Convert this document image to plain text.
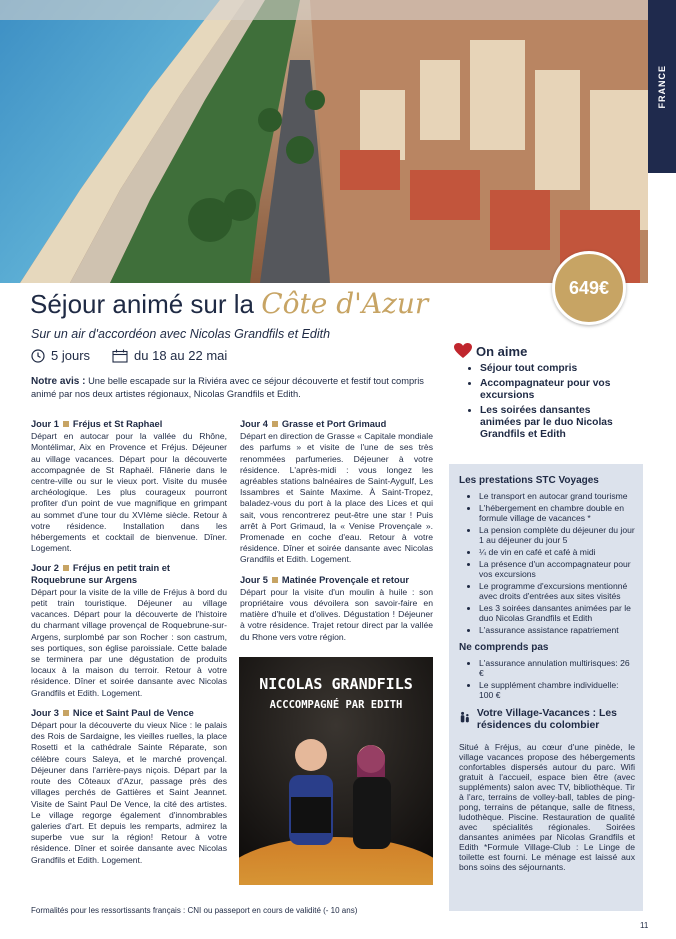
FRANCE
649€
Séjour animé sur la Côte d'Azur
Sur un air d'accordéon avec Nicolas Grandfils et Edith
5 jours	du 18 au 22 mai
Notre avis : Une belle escapade sur la Riviéra avec ce séjour découverte et festif tout compris animé par nos deux artistes régionaux, Nicolas Grandfils et Edith.
Jour 1 Fréjus et St Raphael
Départ en autocar pour la vallée du Rhône, Montélimar, Aix en Provence et Fréjus. Déjeuner au village vacances. Départ pour la découverte accompagnée de St Raphaël. Flânerie dans le centre-ville ou sur le vieux port. Visite du musée archéologique. Les plus courageux pourront profiter d'un point de vue magnifique en grimpant au sommet d'une tour du XVIème siècle. Retour à votre résidence. Installation dans les hébergements et cocktail de bienvenue. Dîner. Logement.
Jour 2 Fréjus en petit train et Roquebrune sur Argens
Départ pour la visite de la ville de Fréjus à bord du petit train touristique. Déjeuner au village vacances. Départ pour la découverte de l'histoire du charmant village provençal de Roquebrune-sur-Argens, surplombé par son Rocher : son castrum, ses portiques, son église paroissiale. Cette balade se terminera par une dégustation de produits locaux à la maison du terroir. Retour à votre résidence. Dîner et soirée dansante avec Nicolas Grandfils et Edith. Logement.
Jour 3 Nice et Saint Paul de Vence
Départ pour la découverte du vieux Nice : le palais des Rois de Sardaigne, les vieilles ruelles, la place Rosetti et la cathédrale Sainte Réparate, son célèbre cours Saleya, et le marché provençal. Déjeuner dans l'arrière-pays niçois. Départ par la route des Côteaux d'Azur, passage près des villages perchés de Gattières et Saint Jeannet. Visite de Saint Paul De Vence, la cité des artistes. Le village regorge également d'innombrables galeries d'art. Et depuis les remparts, admirez la superbe vue sur la région! Retour à votre résidence. Dîner et soirée dansante avec Nicolas Grandfils et Edith. Logement.
Jour 4 Grasse et Port Grimaud
Départ en direction de Grasse « Capitale mondiale des parfums » et visite de l'une de ses très renommées parfumeries. Déjeuner à votre résidence. L'après-midi : vous longez les agréables stations balnéaires de Saint-Aygulf, Les Issambres et Sainte Maxime. À Saint-Tropez, baladez-vous du port à la place des Lices et qui sait, vous rencontrerez peut-être une star ! Puis arrêt à Port Grimaud, la « Venise Provençale ». Promenade en coche d'eau. Retour à votre résidence. Dîner et soirée dansante avec Nicolas Grandfils et Edith. Logement.
Jour 5 Matinée Provençale et retour
Départ pour la visite d'un moulin à huile : son propriétaire vous dévoilera son savoir-faire en matière d'huile et d'olives. Dégustation ! Déjeuner à votre résidence. Trajet retour direct par la vallée du Rhone vers votre région.
NICOLAS GRANDFILS
ACCCOMPAGNÉ PAR EDITH
Formalités pour les ressortissants français : CNI ou passeport en cours de validité (- 10 ans)
On aime
• Séjour tout compris
• Accompagnateur pour vos excursions
• Les soirées dansantes animées par le duo Nicolas Grandfils et Edith
Les prestations STC Voyages
• Le transport en autocar grand tourisme
• L'hébergement en chambre double en formule village de vacances *
• La pension complète du déjeuner du jour 1 au déjeuner du jour 5
• ¼ de vin en café et café à midi
• La présence d'un accompagnateur pour vos excursions
• Le programme d'excursions mentionné avec droits d'entrées aux sites visités
• Les 3 soirées dansantes animées par le duo Nicolas Grandfils et Edith
• L'assurance assistance rapatriement
Ne comprends pas
• L'assurance annulation multirisques: 26 €
• Le supplément chambre individuelle: 100 €
Votre Village-Vacances : Les résidences du colombier
Situé à Fréjus, au cœur d'une pinède, le village vacances propose des hébergements confortables dispersés autour du parc. Wifi gratuit à l'accueil, espace bien être (avec suppléments) salon avec TV, bibliothèque. Tir à l'arc, terrains de volley-ball, tables de ping-pong, terrains de pétanque, salle de fitness, ludothèque. Piscine. Restauration de qualité avec spécialités régionales. Soirées dansantes animées par Nicolas Grandfils et Edith *Formule Village-Club : Le Linge de toilette est fourni. Le ménage est laissé aux bons soins des séjournants.
11
